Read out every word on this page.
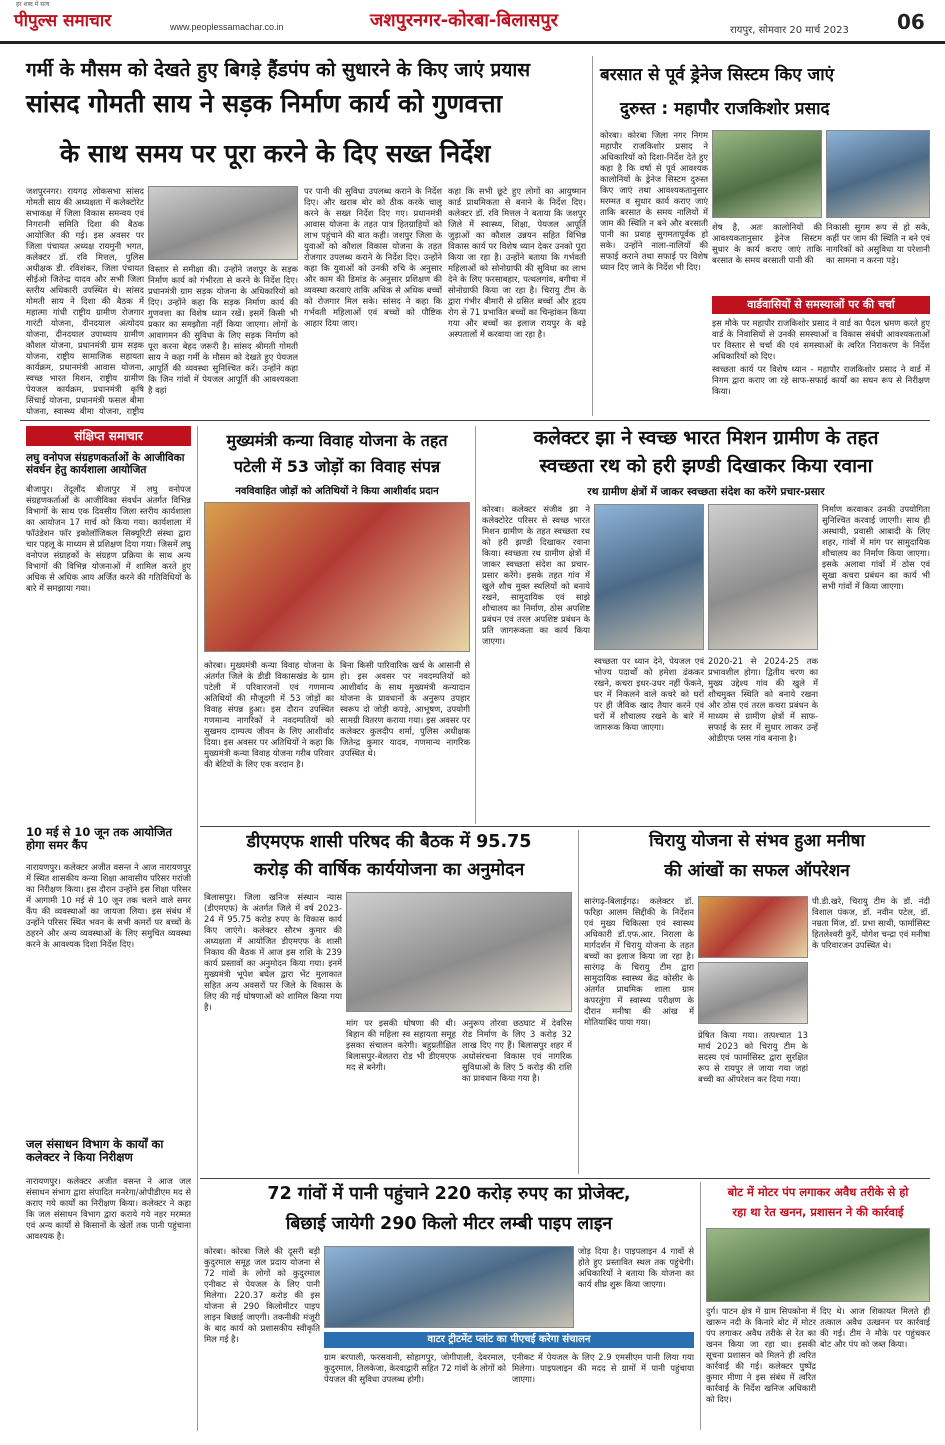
हर शब्द में सत्य
पीपुल्स समाचार	www.peoplessamachar.co.in	जशपुरनगर-कोरबा-बिलासपुर	रायपुर, सोमवार 20 मार्च 2023 06
गर्मी के मौसम को देखते हुए बिगड़े हैंडपंप को सुधारने के किए जाएं प्रयास
सांसद गोमती साय ने सड़क निर्माण कार्य को गुणवत्ता
के साथ समय पर पूरा करने के दिए सख्त निर्देश
जशपुरनगर। रायगढ़ लोकसभा सांसद गोमती साय की अध्यक्षता में कलेक्टोरेट सभाकक्ष में जिला विकास समन्वय एवं निगरानी समिति दिशा की बैठक आयोजित की गई। इस अवसर पर जिला पंचायत अध्यक्ष रायमुनी भगत, कलेक्टर डॉ. रवि मित्तल, पुलिस अधीक्षक डी. रविशंकर, जिला पंचायत सीईओ जितेन्द्र यादव और सभी जिला स्तरीय अधिकारी उपस्थित थे। सांसद गोमती साय ने दिशा की बैठक में महात्मा गांधी राष्ट्रीय ग्रामीण रोजगार गारंटी योजना, दीनदयाल अंत्योदय योजना, दीनदयाल उपाध्याय ग्रामीण कौशल योजना, प्रधानमंत्री ग्राम सड़क योजना, राष्ट्रीय सामाजिक सहायता कार्यक्रम, प्रधानमंत्री आवास योजना, स्वच्छ भारत मिशन, राष्ट्रीय ग्रामीण पेयजल कार्यक्रम, प्रधानमंत्री कृषि सिंचाई योजना, प्रधानमंत्री फसल बीमा योजना, स्वास्थ्य बीमा योजना, राष्ट्रीय
विस्तार से समीक्षा की। उन्होंने जशपुर के सड़क निर्माण कार्य को गंभीरता से करने के निर्देश दिए। प्रधानमंत्री ग्राम सड़क योजना के अधिकारियों को दिए। उन्होंने कहा कि सड़क निर्माण कार्य की गुणवत्ता का विशेष ध्यान रखें। इसमें किसी भी प्रकार का समझौता नहीं किया जाएगा। लोगों के आवागमन की सुविधा के लिए सड़क निर्माण को पूरा करना बेहद जरूरी है। सांसद श्रीमती गोमती साय ने कहा गर्मी के मौसम को देखते हुए पेयजल आपूर्ति की व्यवस्था सुनिश्चित करें। उन्होंने कहा कि जिन गांवों में पेयजल आपूर्ति की आवश्यकता है वहां
पर पानी की सुविधा उपलब्ध कराने के निर्देश दिए। और खराब बोर को ठीक करके चालू करने के सख्त निर्देश दिए गए। प्रधानमंत्री आवास योजना के तहत पात्र हितग्राहियों को लाभ पहुंचाने की बात कही। जशपुर जिला के युवाओं को कौशल विकास योजना के तहत रोजगार उपलब्ध कराने के निर्देश दिए। उन्होंने कहा कि युवाओं को उनकी रुचि के अनुसार और काम की डिमांड के अनुसार प्रशिक्षण की व्यवस्था करवाएं ताकि अधिक से अधिक बच्चों को रोजगार मिल सके। सांसद ने कहा कि गर्भवती महिलाओं एवं बच्चों को पौष्टिक आहार दिया जाए।
कहा कि सभी छूटे हुए लोगों का आयुष्मान कार्ड प्राथमिकता से बनाने के निर्देश दिए। कलेक्टर डॉ. रवि मित्तल ने बताया कि जशपुर जिले में स्वास्थ्य, शिक्षा, पेयजल आपूर्ति जुड़ाओं का कौशल उन्नयन सहित विभिन्न विकास कार्य पर विशेष ध्यान देकर उनको पूरा किया जा रहा है। उन्होंने बताया कि गर्भवती महिलाओं को सोनोग्राफी की सुविधा का लाभ देने के लिए फरसाबहार, पत्थलगांव, बगीचा में सोनोग्राफी किया जा रहा है। चिरायु टीम के द्वारा गंभीर बीमारी से ग्रसित बच्चों और हृदय रोग से 71 प्रभावित बच्चों का चिन्हांकन किया गया और बच्चों का इलाज रायपुर के बड़े अस्पतालों में करवाया जा रहा है।
बरसात से पूर्व ड्रेनेज सिस्टम किए जाएं
दुरुस्त : महापौर राजकिशोर प्रसाद
कोरबा। कोरबा जिला नगर निगम महापौर राजकिशोर प्रसाद ने अधिकारियों को दिशा-निर्देश देते हुए कहा है कि वर्षा से पूर्व आवश्यक कालोनियों के ड्रेनेज सिस्टम दुरुस्त किए जाएं तथा आवश्यकतानुसार मरम्मत व सुधार कार्य कराए जाएं ताकि बरसात के समय नालियों में जाम की स्थिति न बने और बरसाती पानी का प्रवाह सुगमतापूर्वक हो सके। उन्होंने नाला-नालियों की सफाई कराने तथा सफाई पर विशेष ध्यान दिए जाने के निर्देश भी दिए।
शेष है, अतः कालोनियों की आवश्यकतानुसार ड्रेनेज सिस्टम सुधार के कार्य कराए जाएं ताकि बरसात के समय बरसाती पानी की
निकासी सुगम रूप से हो सके, कहीं पर जाम की स्थिति न बने एवं नागरिकों को असुविधा या परेशानी का सामना न करना पड़े।
वार्डवासियों से समस्याओं पर की चर्चा
इस मौके पर महापौर राजकिशोर प्रसाद ने वार्ड का पैदल भ्रमण करते हुए वार्ड के निवासियों से उनकी समस्याओं व विकास संबंधी आवश्यकताओं पर विस्तार से चर्चा की एवं समस्याओं के त्वरित निराकरण के निर्देश अधिकारियों को दिए।
स्वच्छता कार्य पर विशेष ध्यान - महापौर राजकिशोर प्रसाद ने वार्ड में निगम द्वारा कराए जा रहे साफ-सफाई कार्यों का सघन रूप से निरीक्षण किया।
संक्षिप्त समाचार
लघु वनोपज संग्रहणकर्ताओं के आजीविका संवर्धन हेतु कार्यशाला आयोजित
बीजापुर। तेंदूलौंद बीजापुर में लघु वनोपज संग्रहणकर्ताओं के आजीविका संवर्धन अंतर्गत विभिन्न विभागों के साथ एक दिवसीय जिला स्तरीय कार्यशाला का आयोजन 17 मार्च को किया गया। कार्यशाला में फॉउंडेशन फॉर इकोलॉजिकल सिक्यूरिटी संस्था द्वारा चार पहलू के माध्यम से प्रशिक्षण दिया गया। जिसमें लघु वनोपज संग्राहकों के संग्रहण प्रक्रिया के साथ अन्य विभागों की विभिन्न योजनाओं में शामिल करते हुए अधिक से अधिक आय अर्जित करने की गतिविधियों के बारे में समझाया गया।
10 मई से 10 जून तक आयोजित होगा समर कैंप
नारायणपुर। कलेक्टर अजीत वसन्त ने आज नारायणपुर में स्थित शासकीय कन्या शिक्षा आवासीय परिसर गरांजी का निरीक्षण किया। इस दौरान उन्होंने इस शिक्षा परिसर में आगामी 10 मई से 10 जून तक चलने वाले समर कैंप की व्यवस्थाओं का जायजा लिया। इस संबंध में उन्होंने परिसर स्थित भवन के सभी कमरों पर बच्चों के ठहरने और अन्य व्यवस्थाओं के लिए समुचित व्यवस्था करने के आवश्यक दिशा निर्देश दिए।
जल संसाधन विभाग के कार्यों का कलेक्टर ने किया निरीक्षण
नारायणपुर। कलेक्टर अजीत वसन्त ने आज जल संसाधन संभाग द्वारा संपादित मनरेगा/ओपीडीएम मद से कराए गये कार्यों का निरीक्षण किया। कलेक्टर ने कहा कि जल संसाधन विभाग द्वारा कराये गये नहर मरम्मत एवं अन्य कार्यों से किसानों के खेतों तक पानी पहुंचाना आवश्यक है।
मुख्यमंत्री कन्या विवाह योजना के तहत
पटेली में 53 जोड़ों का विवाह संपन्न
नवविवाहित जोड़ों को अतिथियों ने किया आशीर्वाद प्रदान
कोरबा। मुख्यमंत्री कन्या विवाह योजना के अंतर्गत जिले के डीडी विकासखंड के ग्राम पटेली में परिवारजनों एवं गणमान्य अतिथियों की मौजूदगी में 53 जोड़ों का विवाह संपन्न हुआ। इस दौरान उपस्थित गणमान्य नागरिकों ने नवदम्पतियों को सुखमय दाम्पत्य जीवन के लिए आशीर्वाद दिया। इस अवसर पर अतिथियों ने कहा कि मुख्यमंत्री कन्या विवाह योजना गरीब परिवार की बेटियों के लिए एक वरदान है।
बिना किसी पारिवारिक खर्च के आसानी से हो। इस अवसर पर नवदम्पतियों को आशीर्वाद के साथ मुख्यमंत्री कन्यादान योजना के प्रावधानों के अनुरूप उपहार स्वरूप दो जोड़ी कपड़े, आभूषण, उपयोगी सामग्री वितरण कराया गया। इस अवसर पर कलेक्टर कुलदीप शर्मा, पुलिस अधीक्षक जितेन्द्र कुमार यादव, गणमान्य नागरिक उपस्थित थे।
कलेक्टर झा ने स्वच्छ भारत मिशन ग्रामीण के तहत
स्वच्छता रथ को हरी झण्डी दिखाकर किया रवाना
रथ ग्रामीण क्षेत्रों में जाकर स्वच्छता संदेश का करेंगे प्रचार-प्रसार
कोरबा। कलेक्टर संजीव झा ने कलेक्टोरेट परिसर से स्वच्छ भारत मिशन ग्रामीण के तहत स्वच्छता रथ को हरी झण्डी दिखाकर रवाना किया। स्वच्छता रथ ग्रामीण क्षेत्रों में जाकर स्वच्छता संदेश का प्रचार-प्रसार करेंगे। इसके तहत गांव में खुले शौच मुक्त स्थलियों को बनाये रखने, सामुदायिक एवं साझे शौचालय का निर्माण, ठोस अपशिष्ट प्रबंधन एवं तरल अपशिष्ट प्रबंधन के प्रति जागरूकता का कार्य किया जाएगा।
स्वच्छता पर ध्यान देने, पेयजल एवं भोज्य पदार्थों को हमेशा ढंककर रखने, कचरा इधर-उधर नहीं फेंकने, घर में निकलने वाले कचरे को घरों पर ही जैविक खाद तैयार करने एवं घरों में शौचालय रखने के बारे में जागरूक किया जाएगा।
2020-21 से 2024-25 तक प्रभावशील होगा। द्वितीय चरण का मुख्य उद्देश्य गांव की खुले में शौचमुक्त स्थिति को बनाये रखना और ठोस एवं तरल कचरा प्रबंधन के माध्यम से ग्रामीण क्षेत्रों में साफ-सफाई के स्तर में सुधार लाकर उन्हें ओडीएफ प्लस गांव बनाना है।
निर्माण करवाकर उनकी उपयोगिता सुनिश्चित करवाई जाएगी। साथ ही अस्थायी, प्रवासी आबादी के लिए शहर, गांवों में मांग पर सामुदायिक शौचालय का निर्माण किया जाएगा। इसके अलावा गांवों में ठोस एवं सूखा कचरा प्रबंधन का कार्य भी सभी गांवों में किया जाएगा।
डीएमएफ शासी परिषद की बैठक में 95.75
करोड़ की वार्षिक कार्ययोजना का अनुमोदन
बिलासपुर। जिला खनिज संस्थान न्यास (डीएमएफ) के अंतर्गत जिले में वर्ष 2023-24 में 95.75 करोड़ रुपए के विकास कार्य किए जाएंगे। कलेक्टर सौरभ कुमार की अध्यक्षता में आयोजित डीएमएफ के शासी निकाय की बैठक में आज इस राशि के 239 कार्य प्रस्तावों का अनुमोदन किया गया। इनमें मुख्यमंत्री भूपेश बघेल द्वारा भेंट मुलाकात सहित अन्य अवसरों पर जिले के विकास के लिए की गई घोषणाओं को शामिल किया गया है।
मांग पर इसकी घोषणा की थी। बिहान की महिला स्व सहायता समूह इसका संचालन करेगी। बहुप्रतीक्षित बिलासपुर-बेलतरा रोड भी डीएमएफ मद से बनेगी।
अनुरूप तोरवा छठघाट में देवरिस रोड निर्माण के लिए 3 करोड़ 32 लाख दिए गए हैं। बिलासपुर शहर में अधोसंरचना विकास एवं नागरिक सुविधाओं के लिए 5 करोड़ की राशि का प्रावधान किया गया है।
चिरायु योजना से संभव हुआ मनीषा
की आंखों का सफल ऑपरेशन
सारंगढ़-बिलाईगढ़। कलेक्टर डॉ. फरिहा आलम सिद्दीकी के निर्देशन एवं मुख्य चिकित्सा एवं स्वास्थ्य अधिकारी डॉ.एफ.आर. निराला के मार्गदर्शन में चिरायु योजना के तहत बच्चों का इलाज किया जा रहा है। सारंगढ़ के चिरायु टीम द्वारा सामुदायिक स्वास्थ्य केंद्र कोसीर के अंतर्गत प्राथमिक शाला ग्राम कपरतुंगा में स्वास्थ्य परीक्षण के दौरान मनीषा की आंख में मोतियाबिंद पाया गया।
प्रेषित किया गया। तत्पश्चात 13 मार्च 2023 को चिरायु टीम के सदस्य एवं फार्मासिस्ट द्वारा सुरक्षित रूप से रायपुर ले जाया गया जहां बच्ची का ऑपरेशन कर दिया गया।
पी.डी.खरे, चिरायु टीम के डॉ. नंदी विशाल पंकज, डॉ. नवीन पटेल, डॉ. नम्रता मिंज, डॉ. प्रभा साथी, फार्मासिस्ट हितलेश्वरी कुर्रे, योगेश चन्द्रा एवं मनीषा के परिवारजन उपस्थित थे।
72 गांवों में पानी पहुंचाने 220 करोड़ रुपए का प्रोजेक्ट,
बिछाई जायेगी 290 किलो मीटर लम्बी पाइप लाइन
कोरबा। कोरबा जिले की दूसरी बड़ी कुदुरमाल समूह जल प्रदाय योजना से 72 गांवों के लोगों को कुदुरमाल एनीकट से पेयजल के लिए पानी मिलेगा। 220.37 करोड़ की इस योजना से 290 किलोमीटर पाइप लाइन बिछाई जाएगी। तकनीकी मंजूरी के बाद कार्य को प्रशासकीय स्वीकृति मिल गई है।
जोड़ दिया है। पाइपलाइन 4 गावों से होते हुए प्रस्तावित स्थल तक पहुंचेगी। अधिकारियों ने बताया कि योजना का कार्य शीघ्र शुरू किया जाएगा।
वाटर ट्रीटमेंट प्लांट का पीएचई करेगा संचालन
ग्राम बरपाली, फरसवानी, सोहागपुर, जोगीपाली, देवरमाल, कुदुरमाल, तिलकेजा, केरवाद्वारी सहित 72 गांवों के लोगों को पेयजल की सुविधा उपलब्ध होगी।
एनीकट में पेयजल के लिए 2.9 एमसीएम पानी लिया गया मिलेगा। पाइपलाइन की मदद से ग्रामों में पानी पहुंचाया जाएगा।
बोट में मोटर पंप लगाकर अवैध तरीके से हो
रहा था रेत खनन, प्रशासन ने की कार्रवाई
दुर्ग। पाटन क्षेत्र में ग्राम सिपकोना में खारून नदी के किनारे बोट में मोटर पंप लगाकर अवैध तरीके से रेत का खनन किया जा रहा था। इसकी सूचना प्रशासन को मिलने ही त्वरित कार्रवाई की गई। कलेक्टर पुष्पेंद्र कुमार मीणा ने इस संबंध में त्वरित कार्रवाई के निर्देश खनिज अधिकारी को दिए।
दिए थे। आज शिकायत मिलते ही तत्काल अवैध उत्खनन पर कार्रवाई की गई। टीम ने मौके पर पहुंचकर बोट और पंप को जब्त किया।
